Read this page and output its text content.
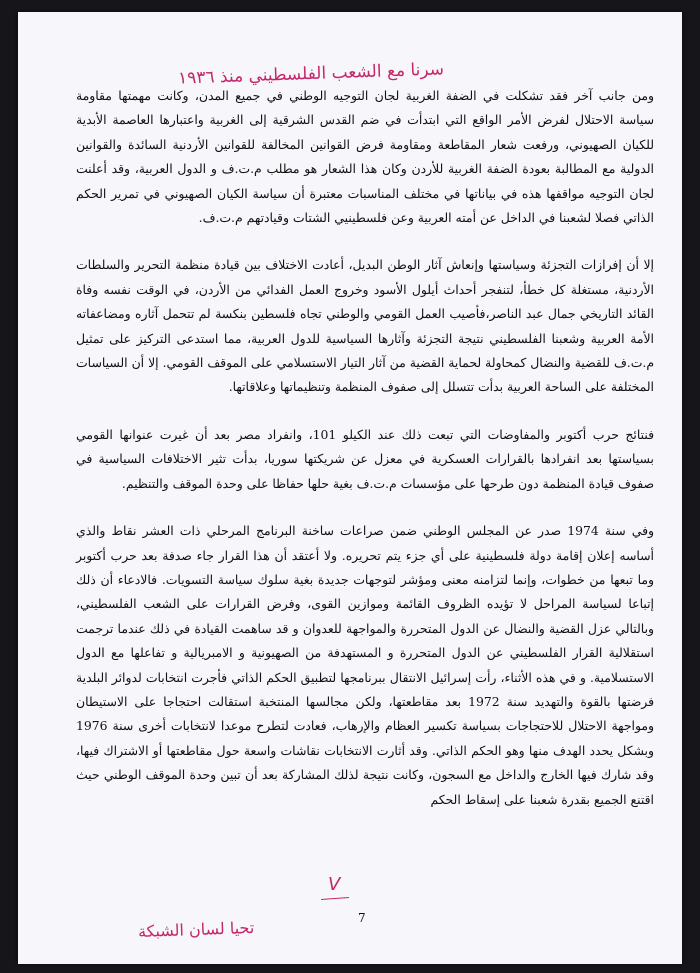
سرنا مع الشعب الفلسطيني منذ ١٩٣٦

ومن جانب آخر فقد تشكلت في الضفة الغربية لجان التوجيه الوطني في جميع المدن، وكانت مهمتها مقاومة سياسة الاحتلال لفرض الأمر الواقع التي ابتدأت في ضم القدس الشرقية إلى الغربية واعتبارها العاصمة الأبدية للكيان الصهيوني، ورفعت شعار المقاطعة ومقاومة فرض القوانين المخالفة للقوانين الأردنية السائدة والقوانين الدولية مع المطالبة بعودة الضفة الغربية للأردن وكان هذا الشعار هو مطلب م.ت.ف و الدول العربية، وقد أعلنت لجان التوجيه مواقفها هذه في بياناتها في مختلف المناسبات معتبرة أن سياسة الكيان الصهيوني في تمرير الحكم الذاتي فصلا لشعبنا في الداخل عن أمته العربية وعن فلسطينيي الشتات وقيادتهم م.ت.ف.

إلا أن إفرازات التجزئة وسياستها وإنعاش آثار الوطن البديل، أعادت الاختلاف بين قيادة منظمة التحرير والسلطات الأردنية، مستغلة كل خطأ، لتنفجر أحداث أيلول الأسود وخروج العمل الفدائي من الأردن، في الوقت نفسه وفاة القائد التاريخي جمال عبد الناصر،فأصيب العمل القومي والوطني تجاه فلسطين بنكسة لم تتحمل آثاره ومضاعفاته الأمة العربية وشعبنا الفلسطيني نتيجة التجزئة وآثارها السياسية للدول العربية، مما استدعى التركيز على تمثيل م.ت.ف للقضية والنضال كمحاولة لحماية القضية من آثار التيار الاستسلامي على الموقف القومي. إلا أن السياسات المختلفة على الساحة العربية بدأت تتسلل إلى صفوف المنظمة وتنظيماتها وعلاقاتها.

فنتائج حرب أكتوبر والمفاوضات التي تبعت ذلك عند الكيلو 101، وانفراد مصر بعد أن غيرت عنوانها القومي بسياستها بعد انفرادها بالقرارات العسكرية في معزل عن شريكتها سوريا، بدأت تثير الاختلافات السياسية في صفوف قيادة المنظمة دون طرحها على مؤسسات م.ت.ف بغية حلها حفاظا على وحدة الموقف والتنظيم.

وفي سنة 1974 صدر عن المجلس الوطني ضمن صراعات ساخنة البرنامج المرحلي ذات العشر نقاط والذي أساسه إعلان إقامة دولة فلسطينية على أي جزء يتم تحريره. ولا أعتقد أن هذا القرار جاء صدفة بعد حرب أكتوبر وما تبعها من خطوات، وإنما لتزامنه معنى ومؤشر لتوجهات جديدة بغية سلوك سياسة التسويات. فالادعاء أن ذلك إتباعا لسياسة المراحل لا تؤيده الظروف القائمة وموازين القوى، وفرض القرارات على الشعب الفلسطيني، وبالتالي عزل القضية والنضال عن الدول المتحررة والمواجهة للعدوان و قد ساهمت القيادة في ذلك عندما ترجمت استقلالية القرار الفلسطيني عن الدول المتحررة و المستهدفة من الصهيونية و الامبريالية و تفاعلها مع الدول الاستسلامية. و في هذه الأثناء، رأت إسرائيل الانتقال ببرنامجها لتطبيق الحكم الذاتي فأجرت انتخابات لدوائر البلدية فرضتها بالقوة والتهديد سنة 1972 بعد مقاطعتها، ولكن مجالسها المنتخبة استقالت احتجاجا على الاستيطان ومواجهة الاحتلال للاحتجاجات بسياسة تكسير العظام والإرهاب، فعادت لتطرح موعدا لانتخابات أخرى سنة 1976 وبشكل يحدد الهدف منها وهو الحكم الذاتي. وقد أثارت الانتخابات نقاشات واسعة حول مقاطعتها أو الاشتراك فيها، وقد شارك فيها الخارج والداخل مع السجون، وكانت نتيجة لذلك المشاركة بعد أن تبين وحدة الموقف الوطني حيث اقتنع الجميع بقدرة شعبنا على إسقاط الحكم

V
7
تحيا لسان الشبكة
